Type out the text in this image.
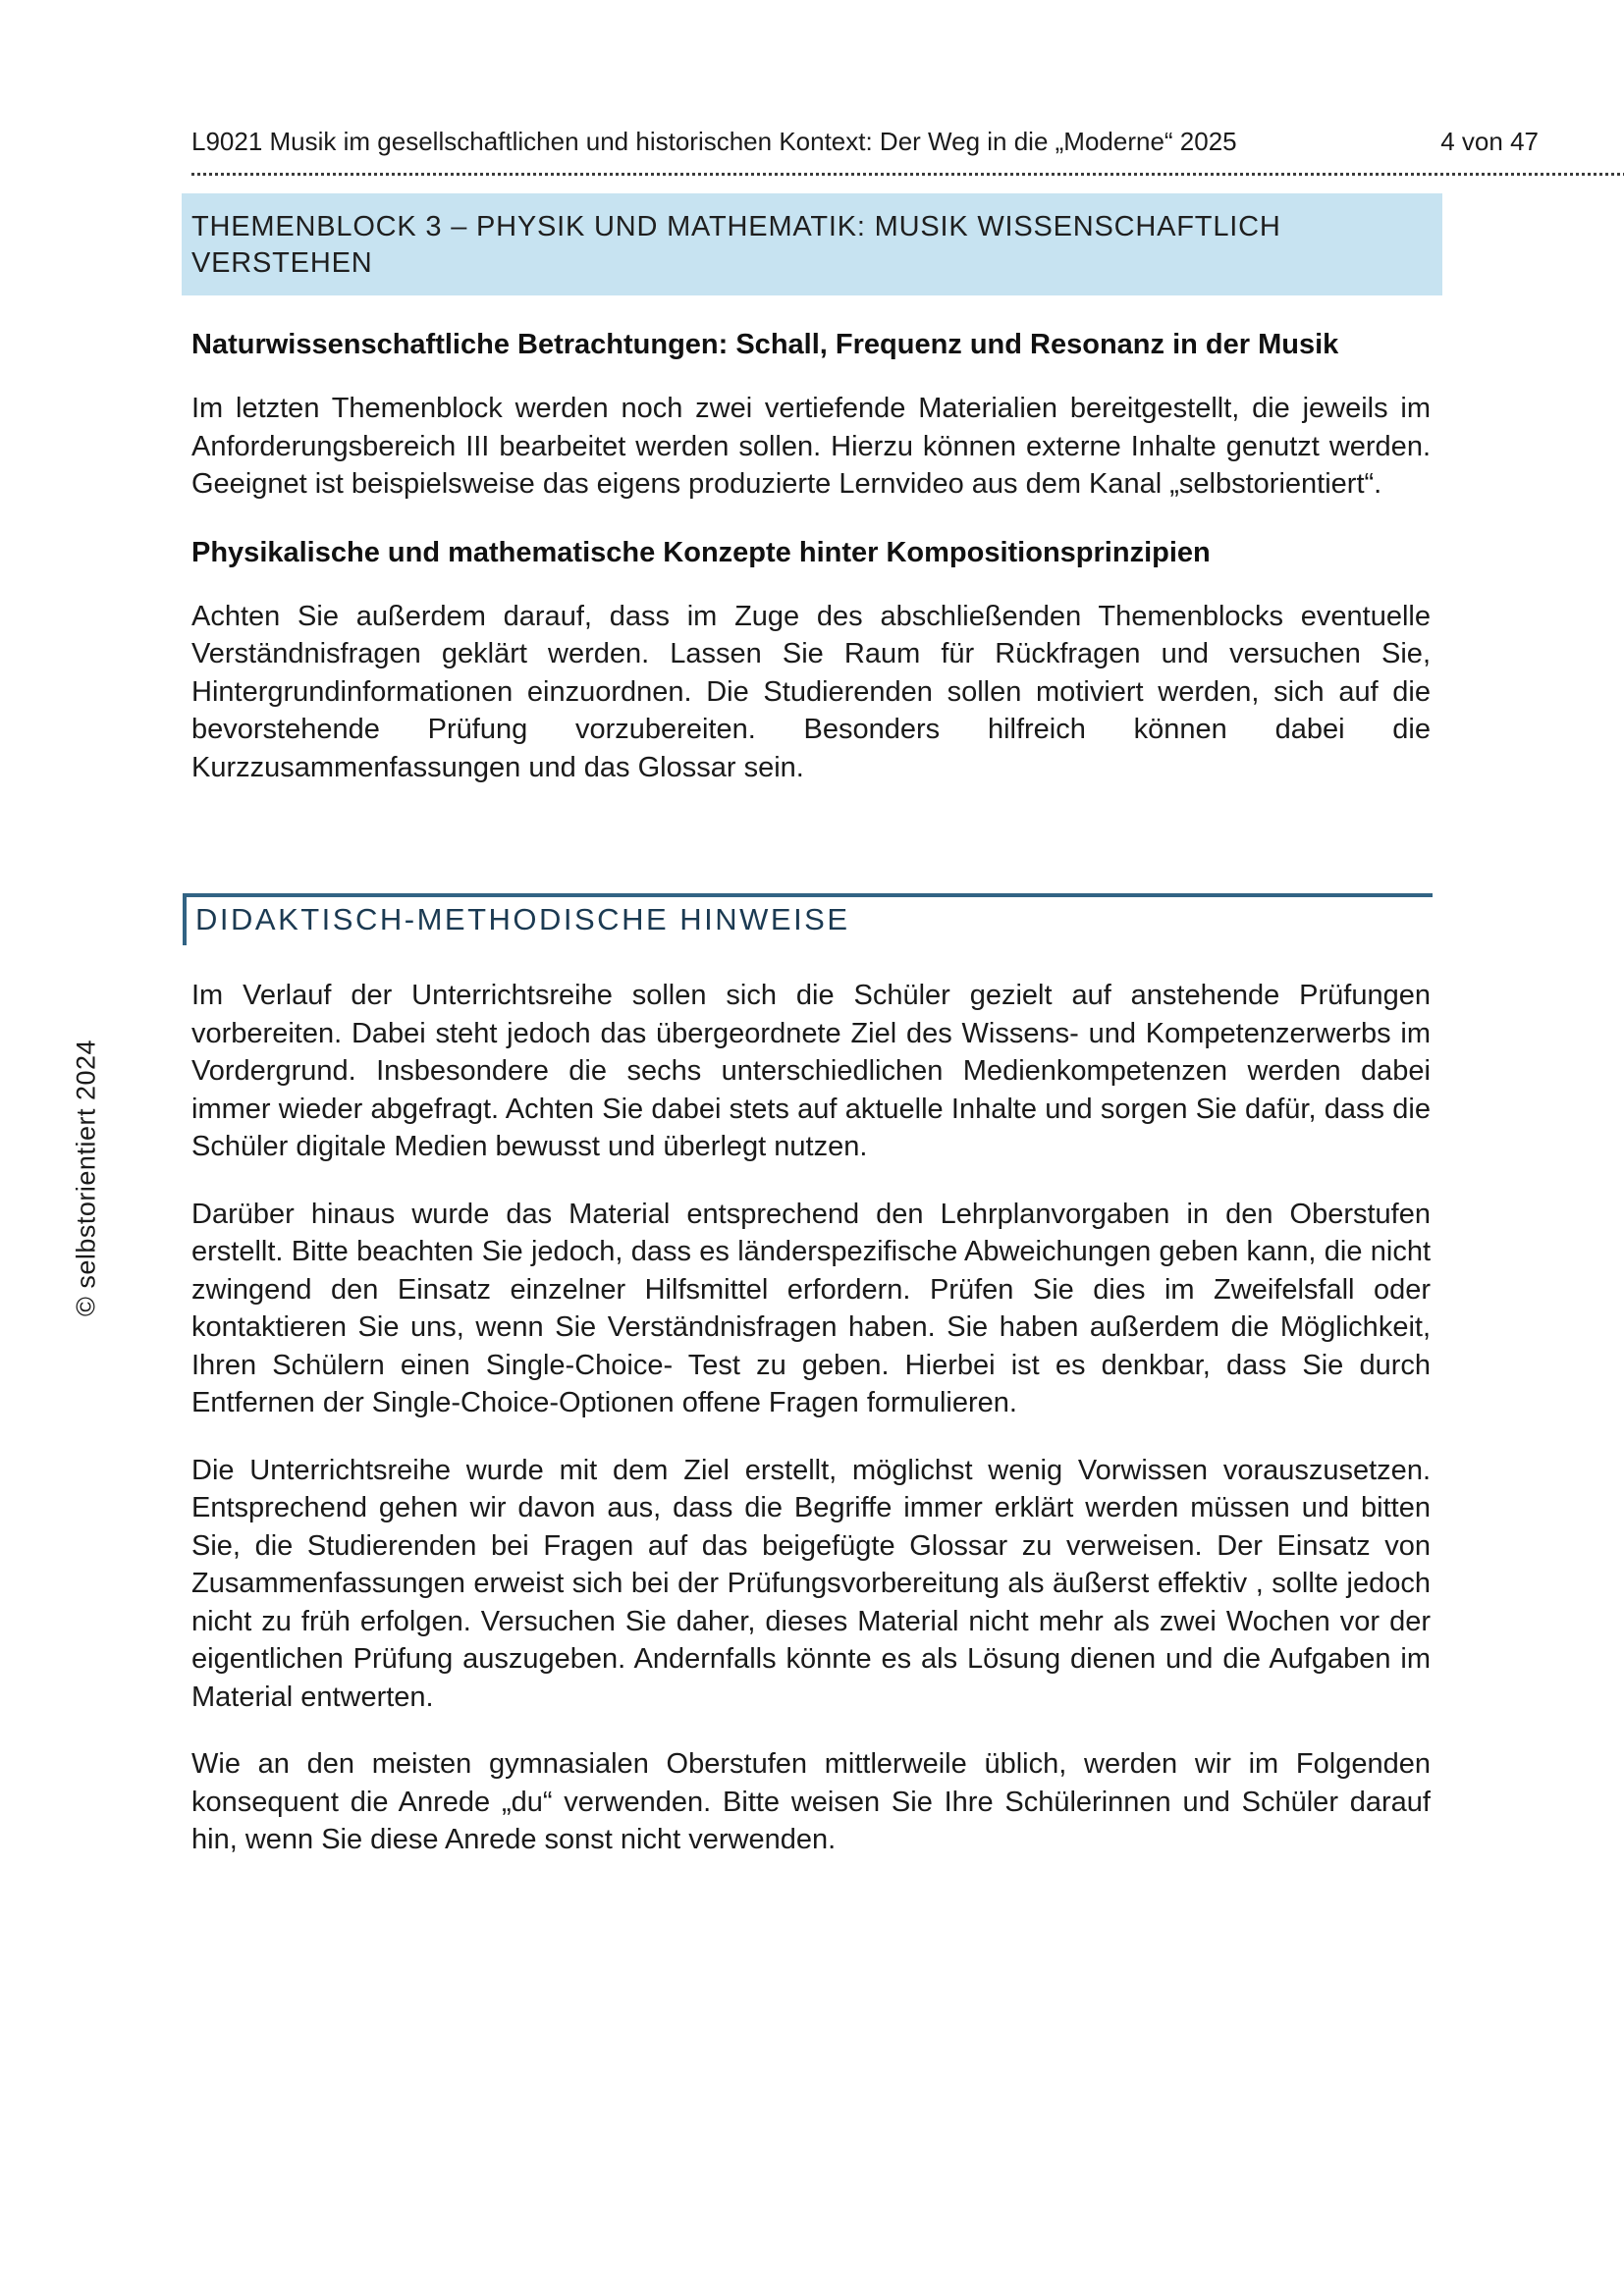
L9021 Musik im gesellschaftlichen und historischen Kontext: Der Weg in die „Moderne“ 2025	4 von 47
© selbstorientiert 2024
THEMENBLOCK 3 – PHYSIK UND MATHEMATIK: MUSIK WISSENSCHAFTLICH VERSTEHEN
Naturwissenschaftliche Betrachtungen: Schall, Frequenz und Resonanz in der Musik

Im letzten Themenblock werden noch zwei vertiefende Materialien bereitgestellt, die jeweils im Anforderungsbereich III bearbeitet werden sollen. Hierzu können externe Inhalte genutzt werden. Geeignet ist beispielsweise das eigens produzierte Lernvideo aus dem Kanal „selbstorientiert“.

Physikalische und mathematische Konzepte hinter Kompositionsprinzipien

Achten Sie außerdem darauf, dass im Zuge des abschließenden Themenblocks eventuelle Verständnisfragen geklärt werden. Lassen Sie Raum für Rückfragen und versuchen Sie, Hintergrundinformationen einzuordnen. Die Studierenden sollen motiviert werden, sich auf die bevorstehende Prüfung vorzubereiten. Besonders hilfreich können dabei die Kurzzusammenfassungen und das Glossar sein.

DIDAKTISCH-METHODISCHE HINWEISE

Im Verlauf der Unterrichtsreihe sollen sich die Schüler gezielt auf anstehende Prüfungen vorbereiten. Dabei steht jedoch das übergeordnete Ziel des Wissens- und Kompetenzerwerbs im Vordergrund. Insbesondere die sechs unterschiedlichen Medienkompetenzen werden dabei immer wieder abgefragt. Achten Sie dabei stets auf aktuelle Inhalte und sorgen Sie dafür, dass die Schüler digitale Medien bewusst und überlegt nutzen.

Darüber hinaus wurde das Material entsprechend den Lehrplanvorgaben in den Oberstufen erstellt. Bitte beachten Sie jedoch, dass es länderspezifische Abweichungen geben kann, die nicht zwingend den Einsatz einzelner Hilfsmittel erfordern. Prüfen Sie dies im Zweifelsfall oder kontaktieren Sie uns, wenn Sie Verständnisfragen haben. Sie haben außerdem die Möglichkeit, Ihren Schülern einen Single-Choice- Test zu geben. Hierbei ist es denkbar, dass Sie durch Entfernen der Single-Choice-Optionen offene Fragen formulieren.

Die Unterrichtsreihe wurde mit dem Ziel erstellt, möglichst wenig Vorwissen vorauszusetzen. Entsprechend gehen wir davon aus, dass die Begriffe immer erklärt werden müssen und bitten Sie, die Studierenden bei Fragen auf das beigefügte Glossar zu verweisen. Der Einsatz von Zusammenfassungen erweist sich bei der Prüfungsvorbereitung als äußerst effektiv , sollte jedoch nicht zu früh erfolgen. Versuchen Sie daher, dieses Material nicht mehr als zwei Wochen vor der eigentlichen Prüfung auszugeben. Andernfalls könnte es als Lösung dienen und die Aufgaben im Material entwerten.

Wie an den meisten gymnasialen Oberstufen mittlerweile üblich, werden wir im Folgenden konsequent die Anrede „du“ verwenden. Bitte weisen Sie Ihre Schülerinnen und Schüler darauf hin, wenn Sie diese Anrede sonst nicht verwenden.
